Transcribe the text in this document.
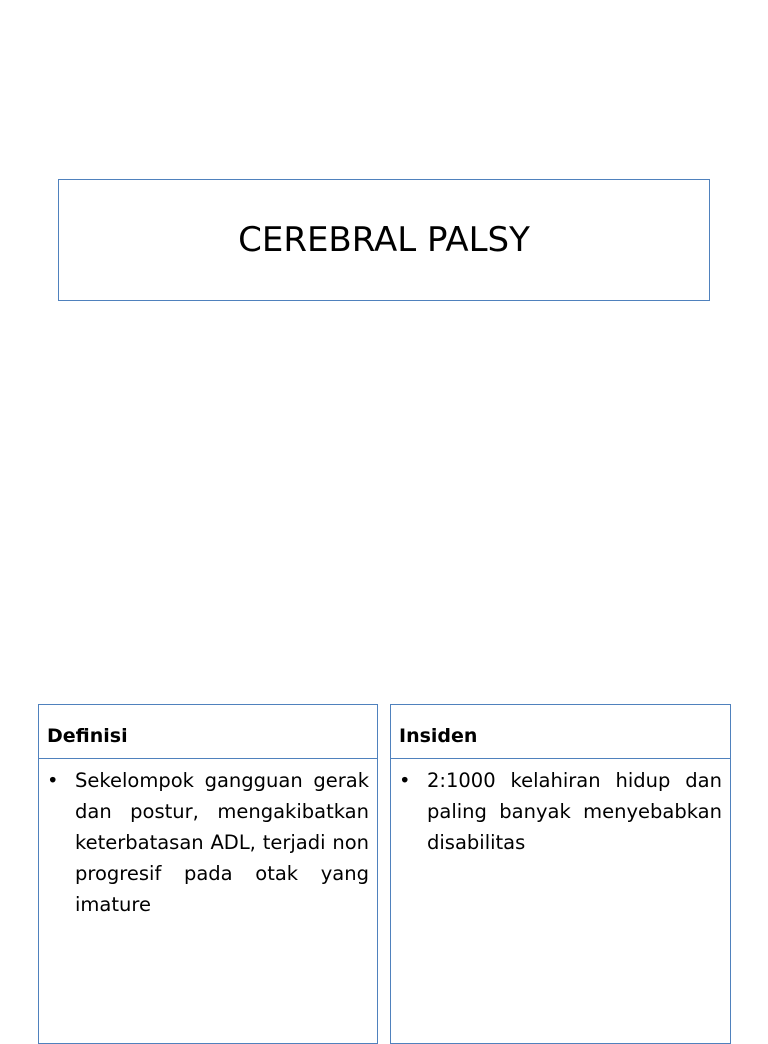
CEREBRAL PALSY
Definisi
• Sekelompok gangguan gerak dan postur, mengakibatkan keterbatasan ADL, terjadi non progresif pada otak yang imature
Insiden
• 2:1000 kelahiran hidup dan paling banyak menyebabkan disabilitas
